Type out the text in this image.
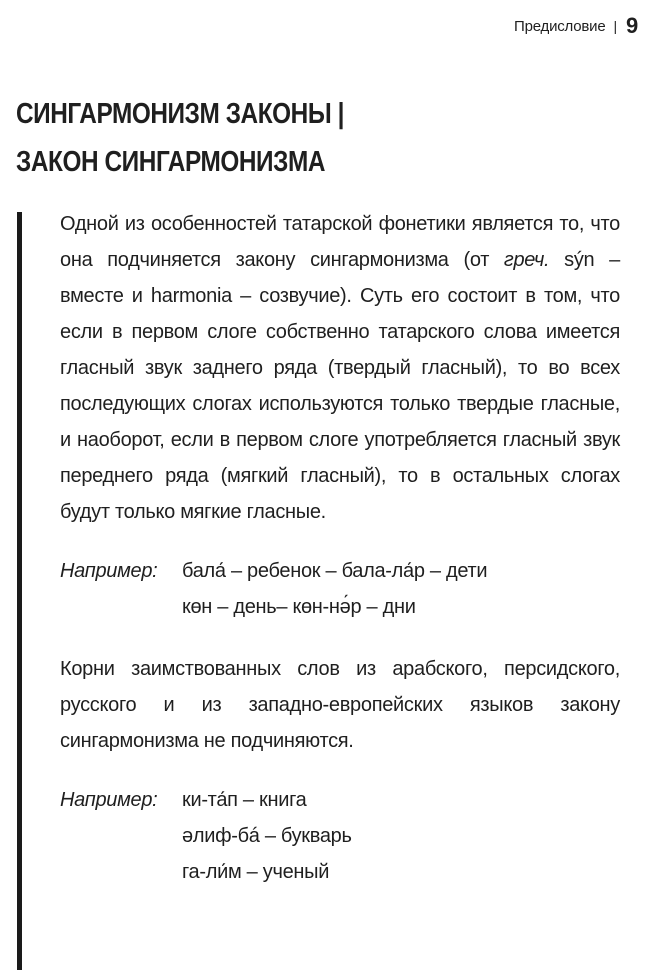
Предисловие | 9
СИНГАРМОНИЗМ ЗАКОНЫ |
ЗАКОН СИНГАРМОНИЗМА

Одной из особенностей татарской фонетики является то, что она подчиняется закону сингармонизма (от греч. sýn – вместе и harmonia – созвучие). Суть его состоит в том, что если в первом слоге собственно татарского слова имеется гласный звук заднего ряда (твердый гласный), то во всех последующих слогах используются только твердые гласные, и наоборот, если в первом слоге употребляется гласный звук переднего ряда (мягкий гласный), то в остальных слогах будут только мягкие гласные.

Например:	бала́ – ребенок – бала-ла́р – дети
көн – день– көн-нə́р – дни

Корни заимствованных слов из арабского, персидского, русского и из западно-европейских языков закону сингармонизма не подчиняются.

Например:	ки-та́п – книга
əлиф-бá – букварь
га-ли́м – ученый
